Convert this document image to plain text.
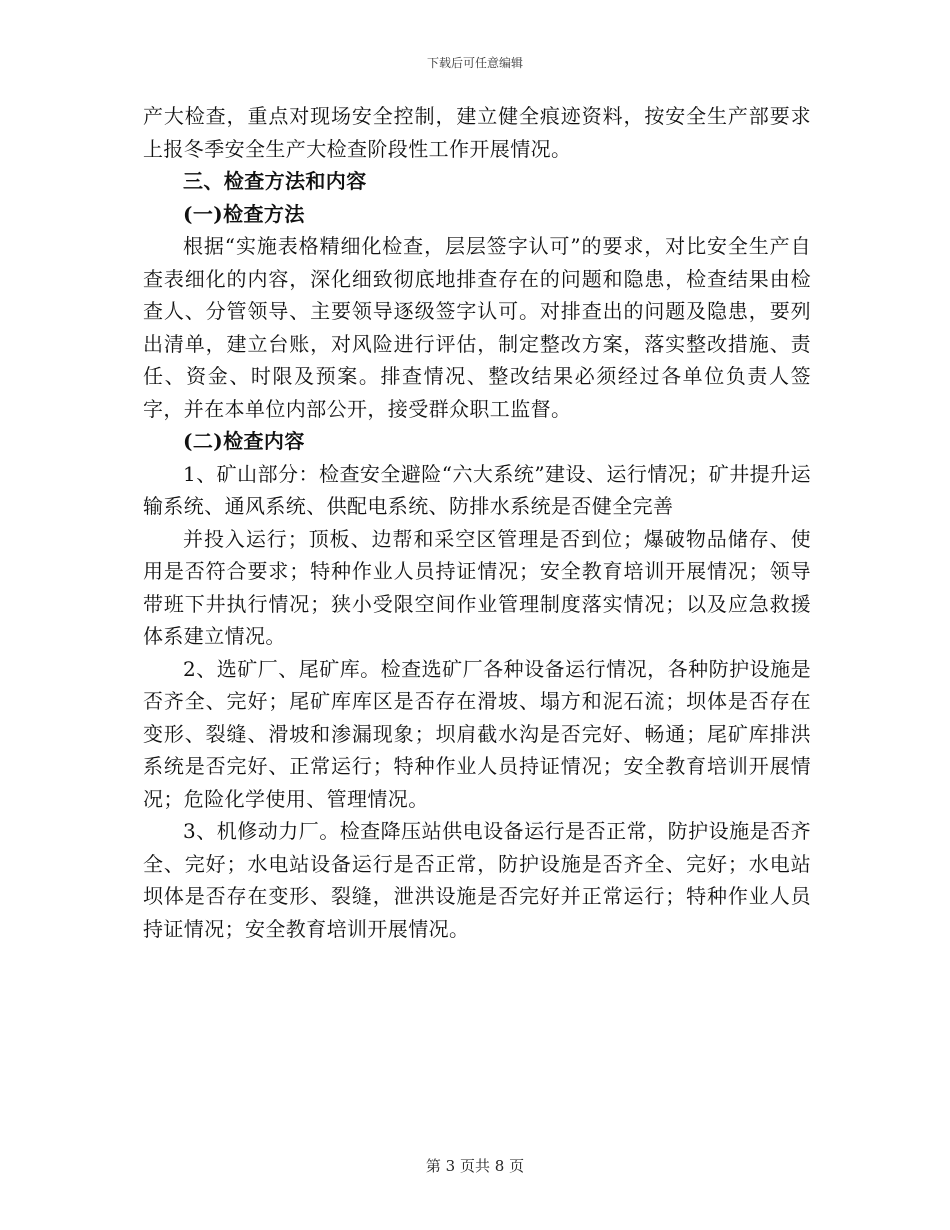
下载后可任意编辑

产大检查，重点对现场安全控制，建立健全痕迹资料，按安全生产部要求上报冬季安全生产大检查阶段性工作开展情况。

三、检查方法和内容

(一)检查方法

根据“实施表格精细化检查，层层签字认可”的要求，对比安全生产自查表细化的内容，深化细致彻底地排查存在的问题和隐患，检查结果由检查人、分管领导、主要领导逐级签字认可。对排查出的问题及隐患，要列出清单，建立台账，对风险进行评估，制定整改方案，落实整改措施、责任、资金、时限及预案。排查情况、整改结果必须经过各单位负责人签字，并在本单位内部公开，接受群众职工监督。

(二)检查内容

1、矿山部分：检查安全避险“六大系统”建设、运行情况；矿井提升运输系统、通风系统、供配电系统、防排水系统是否健全完善

并投入运行；顶板、边帮和采空区管理是否到位；爆破物品储存、使用是否符合要求；特种作业人员持证情况；安全教育培训开展情况；领导带班下井执行情况；狭小受限空间作业管理制度落实情况；以及应急救援体系建立情况。

2、选矿厂、尾矿库。检查选矿厂各种设备运行情况，各种防护设施是否齐全、完好；尾矿库库区是否存在滑坡、塌方和泥石流；坝体是否存在变形、裂缝、滑坡和渗漏现象；坝肩截水沟是否完好、畅通；尾矿库排洪系统是否完好、正常运行；特种作业人员持证情况；安全教育培训开展情况；危险化学使用、管理情况。

3、机修动力厂。检查降压站供电设备运行是否正常，防护设施是否齐全、完好；水电站设备运行是否正常，防护设施是否齐全、完好；水电站坝体是否存在变形、裂缝，泄洪设施是否完好并正常运行；特种作业人员持证情况；安全教育培训开展情况。

第 3 页共 8 页
